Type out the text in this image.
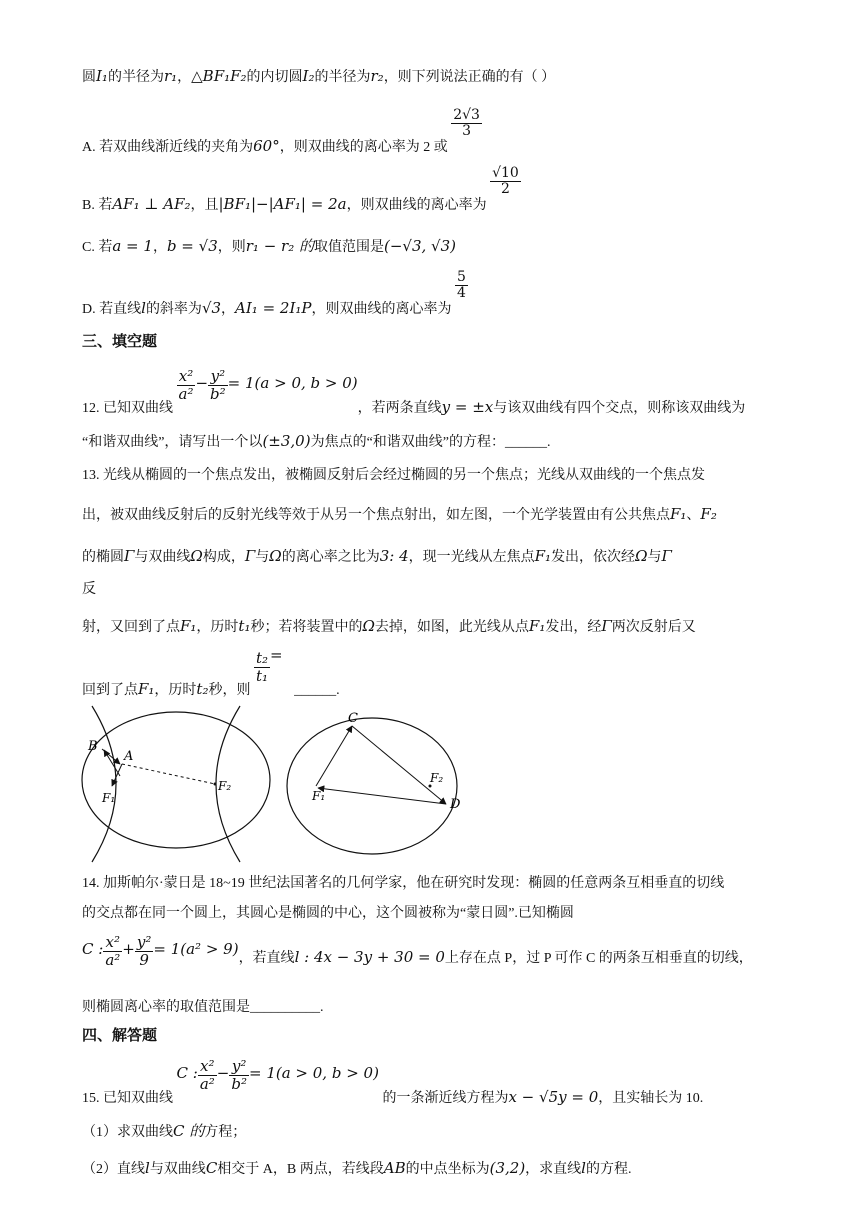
圆I₁的半径为r₁，△BF₁F₂的内切圆I₂的半径为r₂，则下列说法正确的有（ ）
A. 若双曲线渐近线的夹角为60°，则双曲线的离心率为 2 或
$\frac{2√3}{3}$
B. 若AF₁ ⊥ AF₂，且|BF₁|−|AF₁| = 2a，则双曲线的离心率为
$\frac{√10}{2}$
C. 若a = 1，b = √3，则r₁ − r₂ 的取值范围是(−√3, √3)
D. 若直线l的斜率为√3，AI₁ = 2I₁P，则双曲线的离心率为
$\frac{5}{4}$
三、填空题
12. 已知双曲线
$\frac{\text{x²}}{\text{a²}} - \frac{\text{y²}}{\text{b²}} = 1(a > 0$, b > 0)，若两条直线y = ±x与该双曲线有四个交点，则称该双曲线为
“和谐双曲线”，请写出一个以(±3,0)为焦点的“和谐双曲线”的方程：______.
13. 光线从椭圆的一个焦点发出，被椭圆反射后会经过椭圆的另一个焦点；光线从双曲线的一个焦点发
出，被双曲线反射后的反射光线等效于从另一个焦点射出，如左图，一个光学装置由有公共焦点F₁、F₂
的椭圆Γ与双曲线Ω构成，Γ与Ω的离心率之比为3: 4，现一光线从左焦点F₁发出，依次经Ω与Γ
反
射，又回到了点F₁，历时t₁秒；若将装置中的Ω去掉，如图，此光线从点F₁发出，经Γ两次反射后又
回到了点F₁，历时t₂秒，则
$\frac{\text{t₂}}{\text{t₁}}$ = ______.
B
A
F₁
F₂
C
F₂
F₁
D
14. 加斯帕尔·蒙日是 18~19 世纪法国著名的几何学家，他在研究时发现：椭圆的任意两条互相垂直的切线
的交点都在同一个圆上，其圆心是椭圆的中心，这个圆被称为“蒙日圆”.已知椭圆
C : $\frac{\text{x²}}{\text{a²}} + \frac{\text{y²}}{9} = 1(a^2 > 9)$，若直线l : 4x − 3y + 30 = 0上存在点 P，过 P 可作 C 的两条互相垂直的切线，
则椭圆离心率的取值范围是__________.
四、解答题
15. 已知双曲线 C : $\frac{\text{x²}}{\text{a²}} - \frac{\text{y²}}{\text{b²}} = 1(a > 0$, b > 0) 的一条渐近线方程为x − √5y = 0，且实轴长为 10.
（1）求双曲线C 的方程；
（2）直线l与双曲线C相交于 A，B 两点，若线段AB的中点坐标为(3,2)，求直线l的方程.
